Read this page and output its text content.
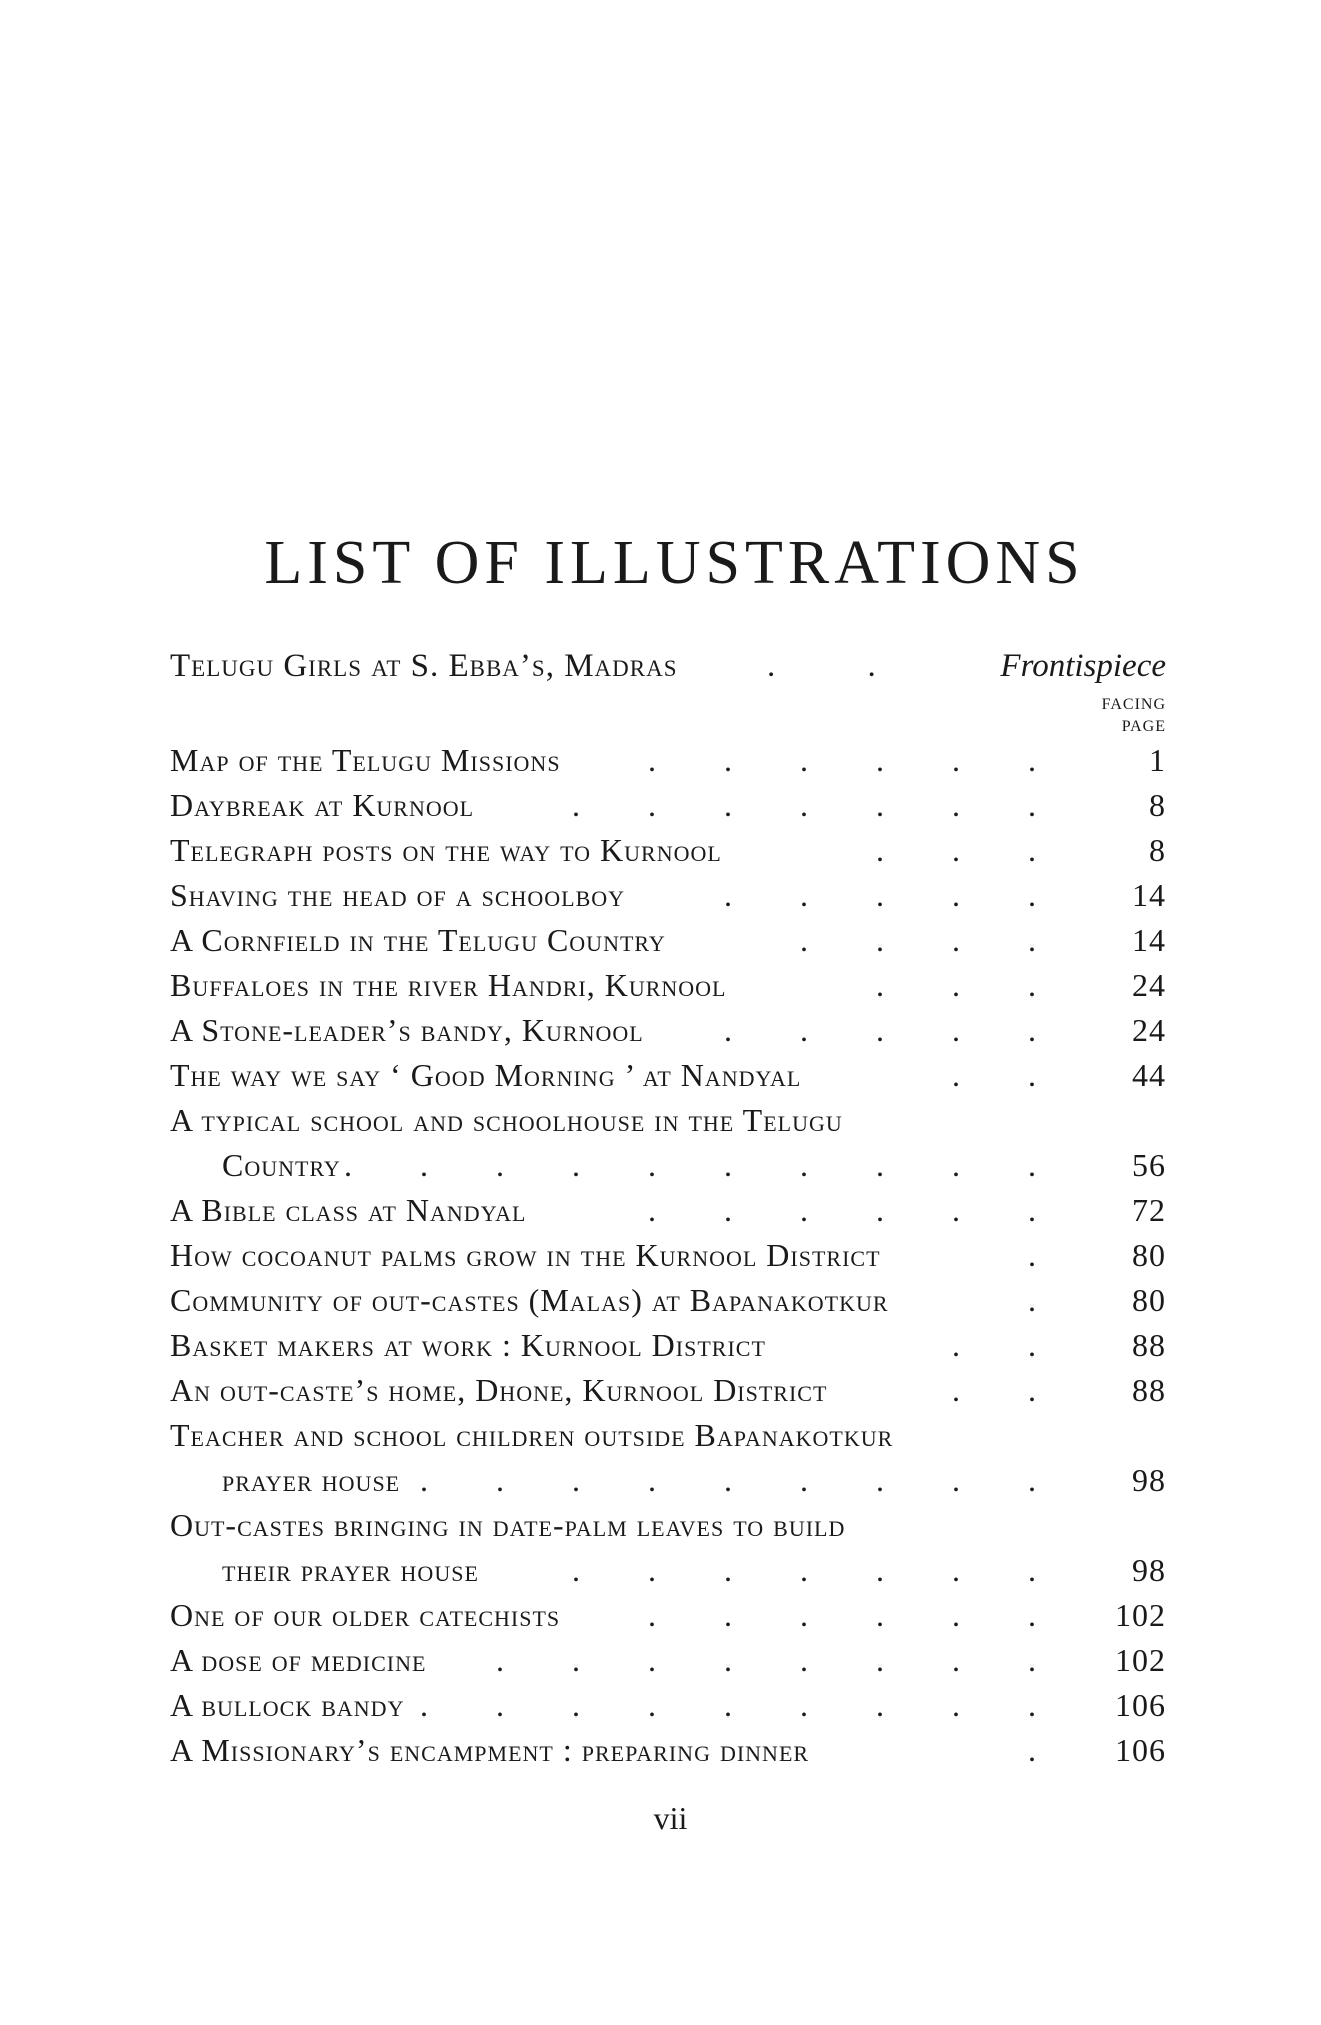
LIST OF ILLUSTRATIONS
Telugu Girls at S. Ebba’s, Madras	. .	Frontispiece
FACING
PAGE
Map of the Telugu Missions	. . . . . .	1
Daybreak at Kurnool	. . . . . . .	8
Telegraph posts on the way to Kurnool	. . .	8
Shaving the head of a schoolboy	. . . . .	14
A Cornfield in the Telugu Country	. . . .	14
Buffaloes in the river Handri, Kurnool	. . .	24
A Stone-leader’s bandy, Kurnool	. . . . .	24
The way we say ‘ Good Morning ’ at Nandyal	. .	44
A typical school and schoolhouse in the Telugu
Country . . . . . . . . . .	56
A Bible class at Nandyal	. . . . . .	72
How cocoanut palms grow in the Kurnool District	.	80
Community of out-castes (Malas) at Bapanakotkur	.	80
Basket makers at work : Kurnool District	. .	88
An out-caste’s home, Dhone, Kurnool District	. .	88
Teacher and school children outside Bapanakotkur
prayer house . . . . . . . . .	98
Out-castes bringing in date-palm leaves to build
their prayer house	. . . . . . .	98
One of our older catechists	. . . . . .	102
A dose of medicine	. . . . . . . .	102
A bullock bandy . . . . . . . . .	106
A Missionary’s encampment : preparing dinner	.	106
vii
